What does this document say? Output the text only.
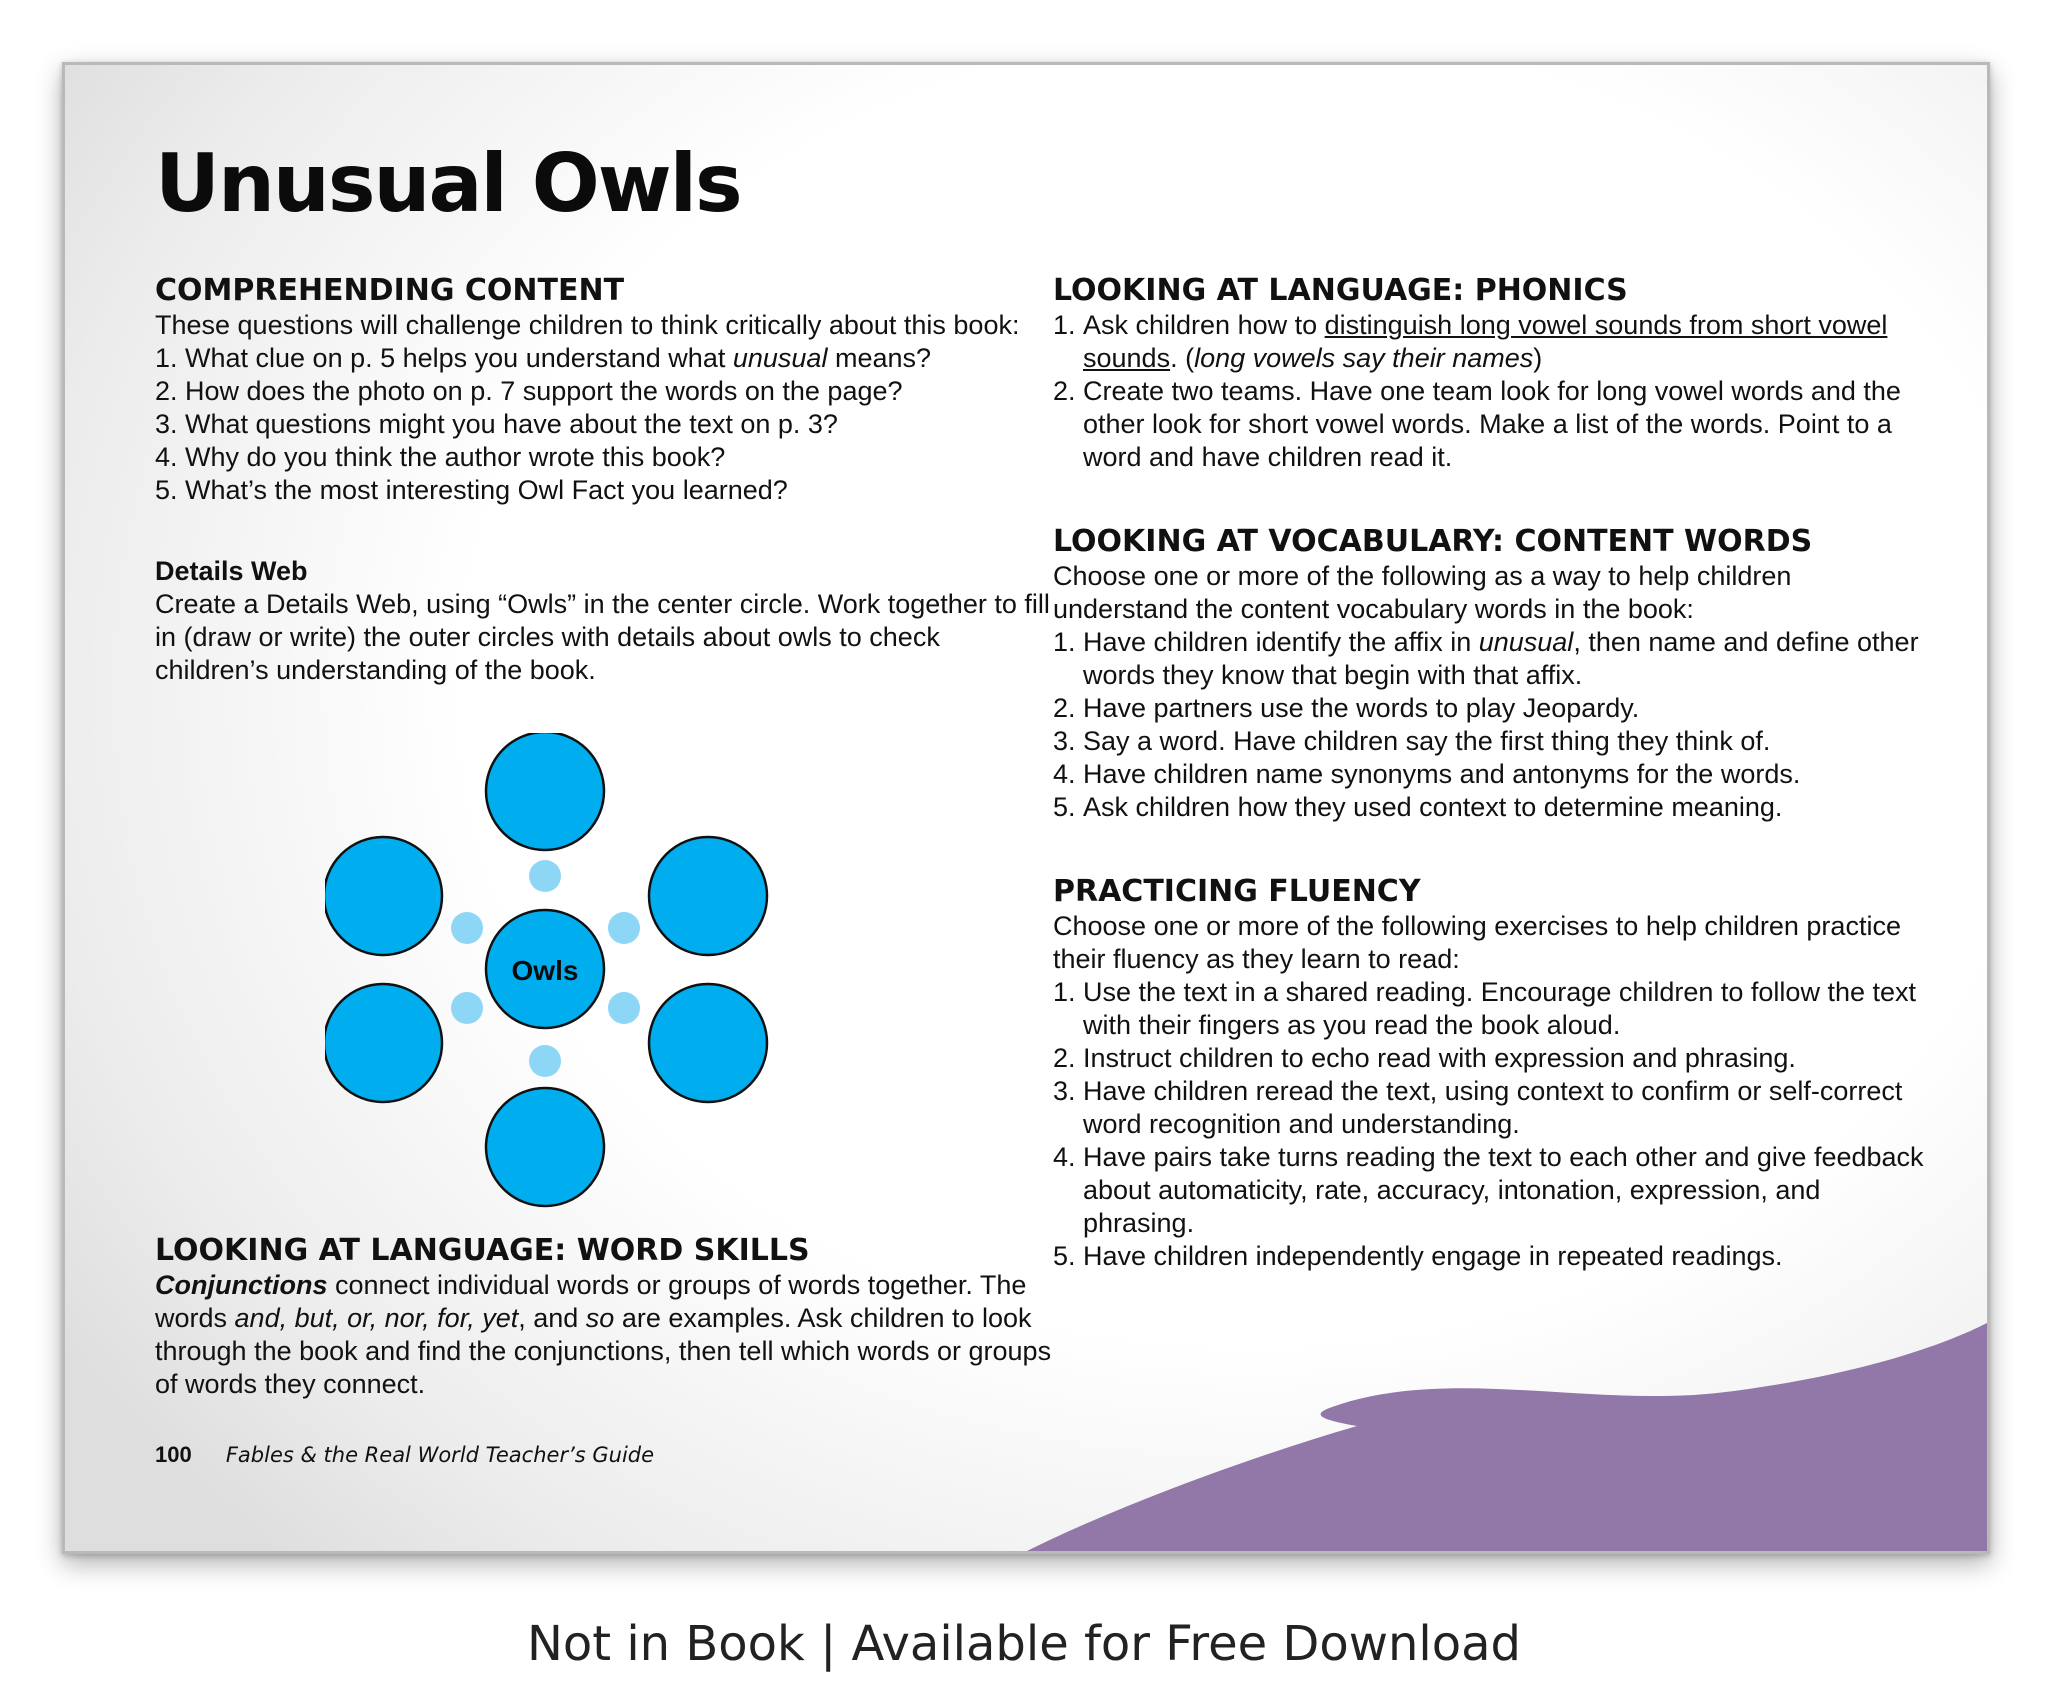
Unusual Owls
COMPREHENDING CONTENT

These questions will challenge children to think critically about this book:

1. What clue on p. 5 helps you understand what unusual means?
2. How does the photo on p. 7 support the words on the page?
3. What questions might you have about the text on p. 3?
4. Why do you think the author wrote this book?
5. What’s the most interesting Owl Fact you learned?
Details Web

Create a Details Web, using “Owls” in the center circle. Work together to fill in (draw or write) the outer circles with details about owls to check children’s understanding of the book.

Owls
LOOKING AT LANGUAGE: WORD SKILLS

Conjunctions connect individual words or groups of words together. The words and, but, or, nor, for, yet, and so are examples. Ask children to look through the book and find the conjunctions, then tell which words or groups of words they connect.

LOOKING AT LANGUAGE: PHONICS
1. Ask children how to distinguish long vowel sounds from short vowel sounds. (long vowels say their names)
2. Create two teams. Have one team look for long vowel words and the other look for short vowel words. Make a list of the words. Point to a word and have children read it.
LOOKING AT VOCABULARY: CONTENT WORDS

Choose one or more of the following as a way to help children understand the content vocabulary words in the book:

1. Have children identify the affix in unusual, then name and define other words they know that begin with that affix.
2. Have partners use the words to play Jeopardy.
3. Say a word. Have children say the first thing they think of.
4. Have children name synonyms and antonyms for the words.
5. Ask children how they used context to determine meaning.
PRACTICING FLUENCY

Choose one or more of the following exercises to help children practice their fluency as they learn to read:

1. Use the text in a shared reading. Encourage children to follow the text with their fingers as you read the book aloud.
2. Instruct children to echo read with expression and phrasing.
3. Have children reread the text, using context to confirm or self-correct word recognition and understanding.
4. Have pairs take turns reading the text to each other and give feedback about automaticity, rate, accuracy, intonation, expression, and phrasing.
5. Have children independently engage in repeated readings.
100 Fables & the Real World Teacher’s Guide
Not in Book | Available for Free Download
